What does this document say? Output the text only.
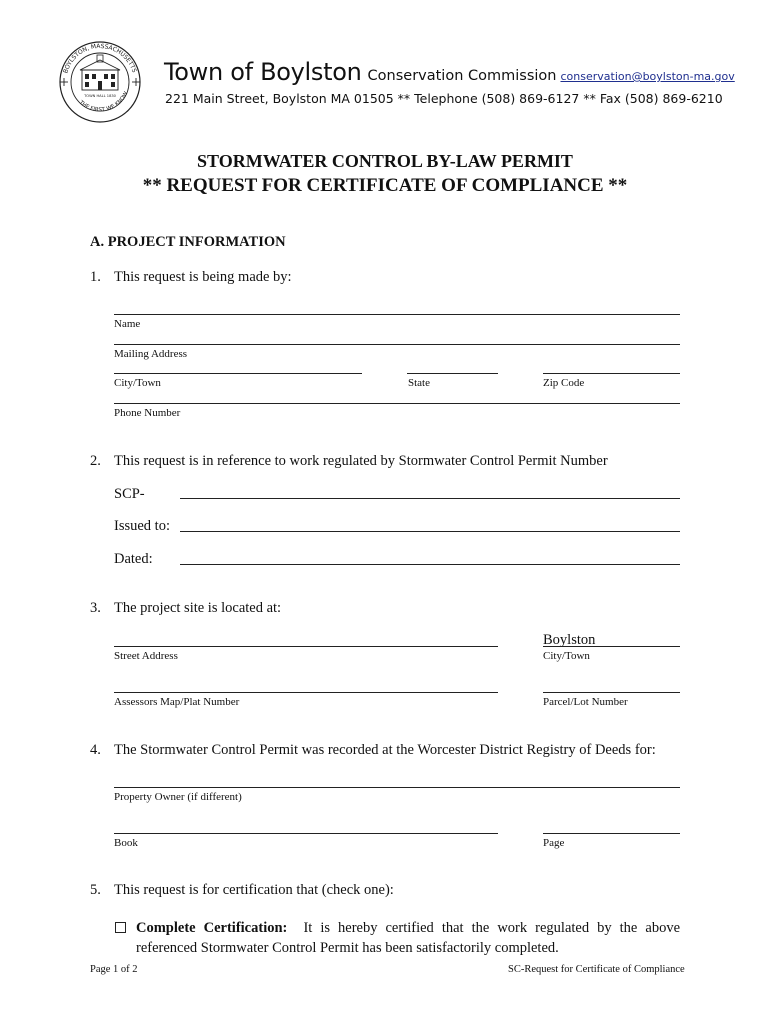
BOYLSTON, MASSACHUSETTS
THE FIRST WE KNOW
TOWN HALL 1830
Town of Boylston Conservation Commission conservation@boylston-ma.gov
221 Main Street, Boylston MA 01505 ** Telephone (508) 869-6127 ** Fax (508) 869-6210
STORMWATER CONTROL BY-LAW PERMIT
** REQUEST FOR CERTIFICATE OF COMPLIANCE **
A. PROJECT INFORMATION
1. This request is being made by:
Name
Mailing Address
City/Town	State	Zip Code
Phone Number
2. This request is in reference to work regulated by Stormwater Control Permit Number
SCP-
Issued to:
Dated:
3. The project site is located at:
Boylston
Street Address	City/Town
Assessors Map/Plat Number	Parcel/Lot Number
4. The Stormwater Control Permit was recorded at the Worcester District Registry of Deeds for:
Property Owner (if different)
Book	Page
5. This request is for certification that (check one):
Complete Certification: It is hereby certified that the work regulated by the above referenced Stormwater Control Permit has been satisfactorily completed.
Page 1 of 2	SC-Request for Certificate of Compliance
